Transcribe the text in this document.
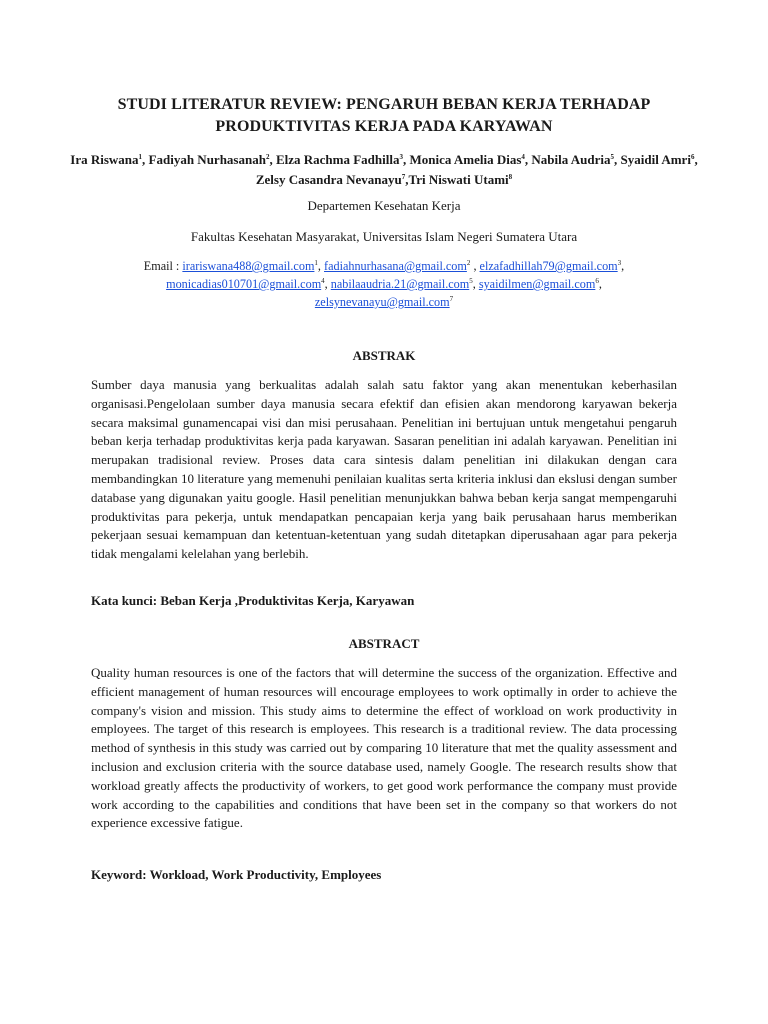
STUDI LITERATUR REVIEW: PENGARUH BEBAN KERJA TERHADAP PRODUKTIVITAS KERJA PADA KARYAWAN
Ira Riswana$^1$, Fadiyah Nurhasanah$^2$, Elza Rachma Fadhilla$^3$, Monica Amelia Dias$^4$, Nabila Audria$^5$, Syaidil Amri$^6$, Zelsy Casandra Nevanayu$^7$,Tri Niswati Utami$^8$
Departemen Kesehatan Kerja
Fakultas Kesehatan Masyarakat, Universitas Islam Negeri Sumatera Utara
Email : irariswana488@gmail.com$^1$, fadiahnurhasana@gmail.com$^2$ , elzafadhillah79@gmail.com$^3$,
monicadias010701@gmail.com$^4$, nabilaaudria.21@gmail.com$^5$, syaidilmen@gmail.com$^6$,
zelsynevanayu@gmail.com$^7$
ABSTRAK
Sumber daya manusia yang berkualitas adalah salah satu faktor yang akan menentukan keberhasilan organisasi.Pengelolaan sumber daya manusia secara efektif dan efisien akan mendorong karyawan bekerja secara maksimal gunamencapai visi dan misi perusahaan. Penelitian ini bertujuan untuk mengetahui pengaruh beban kerja terhadap produktivitas kerja pada karyawan. Sasaran penelitian ini adalah karyawan. Penelitian ini merupakan tradisional review. Proses data cara sintesis dalam penelitian ini dilakukan dengan cara membandingkan 10 literature yang memenuhi penilaian kualitas serta kriteria inklusi dan ekslusi dengan sumber database yang digunakan yaitu google. Hasil penelitian menunjukkan bahwa beban kerja sangat mempengaruhi produktivitas para pekerja, untuk mendapatkan pencapaian kerja yang baik perusahaan harus memberikan pekerjaan sesuai kemampuan dan ketentuan-ketentuan yang sudah ditetapkan diperusahaan agar para pekerja tidak mengalami kelelahan yang berlebih.
Kata kunci: Beban Kerja ,Produktivitas Kerja, Karyawan
ABSTRACT
Quality human resources is one of the factors that will determine the success of the organization. Effective and efficient management of human resources will encourage employees to work optimally in order to achieve the company's vision and mission. This study aims to determine the effect of workload on work productivity in employees. The target of this research is employees. This research is a traditional review. The data processing method of synthesis in this study was carried out by comparing 10 literature that met the quality assessment and inclusion and exclusion criteria with the source database used, namely Google. The research results show that workload greatly affects the productivity of workers, to get good work performance the company must provide work according to the capabilities and conditions that have been set in the company so that workers do not experience excessive fatigue.
Keyword: Workload, Work Productivity, Employees
